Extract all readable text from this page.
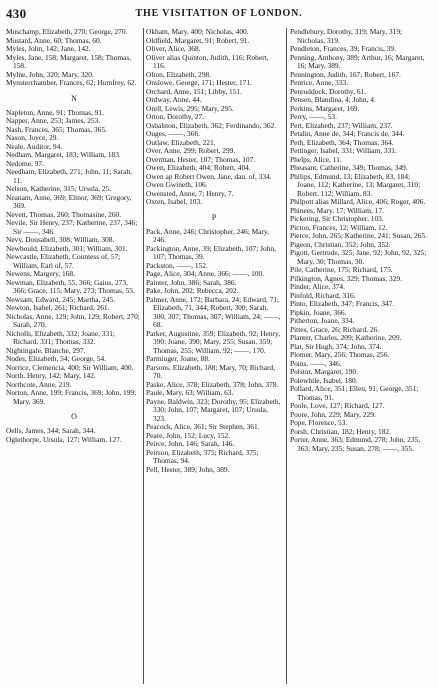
430	THE VISITATION OF LONDON.

Muschamp, Elizabeth, 270; George, 270.

Mustard, Anne, 60; Thomas, 60.

Myles, John, 142; Jane, 142.

Myles, Jane, 158; Margaret, 158; Thomas, 158.

Mylne, John, 320; Mary, 320.

Mynsterchamber, Frances, 62; Humfrey, 62.

N

Napleton, Anne, 91; Thomas, 91.

Napper, Anne, 253; James, 253.

Nash, Frances, 365; Thomas, 365.

Nason, Joyce, 29.

Neale, Auditor, 94.

Nedham, Margaret, 183; William, 183.

Nedome, 97.

Needham, Elizabeth, 271; John, 11; Sarah, 11.

Nelson, Katherine, 315; Ursula, 25.

Neanam, Anne, 369; Elinor, 369; Gregory, 369.

Nevett, Thomas, 260; Thomasine, 260.

Nevile, Sir Henry, 237; Katherine, 237, 346; Sir ——, 346.

Nevy, Dousabell, 308; William, 308.

Newbould, Elizabeth, 301; William, 301.

Newcastle, Elizabeth, Countess of, 57; William, Earl of, 57.

Newens, Margery, 168.

Newman, Elizabeth, 55, 366; Gaius, 273, 366; Grace, 115; Mary, 273; Thomas, 55.

Newsam, Edward, 245; Martha, 245.

Newton, Isabel, 261; Richard, 261.

Nicholas, Anne, 129; John, 129; Robert, 270; Sarah, 270.

Nicholls, Elizabeth, 332; Joane, 331; Richard, 331; Thomas, 332.

Nightingale, Blanche, 297.

Nodes, Elizabeth, 54; George, 54.

Norrice, Clemencia, 400; Sir William, 400.

North, Henry, 142; Mary, 142.

Northcote, Anne, 219.

Norton, Anne, 199; Francis, 369; John, 199; Mary, 369.

O

Oells, James, 344; Sarah, 344.

Oglethorpe, Ursula, 127; William, 127.

Okham, Mary, 400; Nicholas, 400.

Oldfield, Margaret, 91; Robert, 91.

Oliver, Alice, 368.

Oliver alias Quinton, Judith, 116; Robert, 116.

Olton, Elizabeth, 298.

Onslowe, George, 171; Hester, 171.

Orchard, Anne, 151; Libby, 151.

Ordway, Anne, 44.

Orell, Lewis, 295; Mary, 295.

Orton, Dorothy, 27.

Osbalston, Elizabeth, 362; Ferdinando, 362.

Ouges, ——, 366.

Outlaw, Elizabeth, 221.

Over, Anne, 299; Robert, 299.

Overman, Hester, 107; Thomas, 107.

Owen, Elizabeth, 404; Robert, 404.

Owen ap Robert Owen, Jane, dau. of, 334.

Owen Gwineth, 106.

Owensted, Anne, 7; Henry, 7.

Oxten, Isabel, 103.

P

Pack, Anne, 246; Christopher, 246; Mary, 246.

Packington, Anne, 39; Elizabeth, 107; John, 107; Thomas, 39.

Packston, ——, 152.

Page, Alice, 304; Anne, 366; ——, 100.

Painter, John, 386; Sarah, 386.

Pake, John, 202; Rebecca, 202.

Palmer, Anne, 172; Barbara, 24; Edward, 71; Elizabeth, 71, 344; Robert, 300; Sarah, 300, 307; Thomas, 307; William, 24; ——, 68.

Parker, Augustine, 359; Elizabeth, 92; Henry, 390; Joane, 390; Mary, 255; Susan, 359; Thomas, 255; William, 92; ——, 170.

Parmiuger, Joane, 88.

Parsons, Elizabeth, 188; Mary, 70; Richard, 70.

Paske, Alice, 378; Elizabeth, 378; John, 378.

Paule, Mary, 63; William, 63.

Payne, Baldwin, 323; Dorothy, 95; Elizabeth, 330; John, 107; Margaret, 107; Ursula, 323.

Peacock, Alice, 361; Sir Stephen, 361.

Peare, John, 152; Lucy, 152.

Peirce, John, 146; Sarah, 146.

Peirson, Elizabeth, 375; Richard, 375; Thomas, 94.

Pell, Hester, 389; John, 389.

Pendlebury, Dorothy, 319; Mary, 319; Nicholas, 319.

Pendleton, Frances, 39; Francis, 39.

Penning, Anthony, 389; Arthur, 16; Margaret, 16; Mary, 389.

Pennington, Judith, 167; Robert, 167.

Penrice, Anne, 333.

Penruddock, Dorothy, 61.

Pensen, Blandina, 4; John, 4.

Perkins, Margaret, 169.

Perry, ——, 53.

Pert, Elizabeth, 237; William, 237.

Petalin, Anne de, 344; Francis de, 344.

Peth, Elizabeth, 364; Thomas, 364.

Pettinger, Isabel, 331; William, 331.

Phelps, Alice, 11.

Pheasant, Catherine, 349; Thomas, 349.

Philips, Edmund, 13; Elizabeth, 83, 184; Joane, 112; Katherine, 13; Margaret, 310; Robert, 112; William, 83.

Philpott alias Millard, Alice, 406; Roger, 406.

Phinees, Mary, 17; William, 17.

Pickering, Sir Christopher, 103.

Picton, Frances, 12; William, 12.

Pierce, John, 265; Katherine, 241; Susan, 265.

Pigeon, Christian, 352; John, 352.

Pigott, Gertrude, 325; Jane, 92; John, 92, 325; Mary, 30; Thomas, 30.

Pile, Catherine, 175; Richard, 175.

Pilkington, Agnes, 329; Thomas, 329.

Pinder, Alice, 374.

Pinfold, Richard, 316.

Pinto, Elizabeth, 347; Francis, 347.

Pipkin, Joane, 366.

Pitherton, Joane, 334.

Pittes, Grace, 26; Richard, 26.

Planter, Charles, 209; Katherine, 209.

Plat, Sir Hugh, 374; John, 374.

Plomer, Mary, 256; Thomas, 256.

Poins, ——, 346.

Polstor, Margaret, 190.

Polewhile, Isabel, 180.

Pollard, Alice, 351; Ellen, 91; George, 351; Thomas, 91.

Poole, Love, 127; Richard, 127.

Poore, John, 229; Mary, 229.

Pope, Florence, 53.

Porsh, Christian, 182; Henry, 182.

Porter, Anne, 363; Edmund, 278; John, 235, 363; Mary, 235; Susan, 278; ——, 355.
